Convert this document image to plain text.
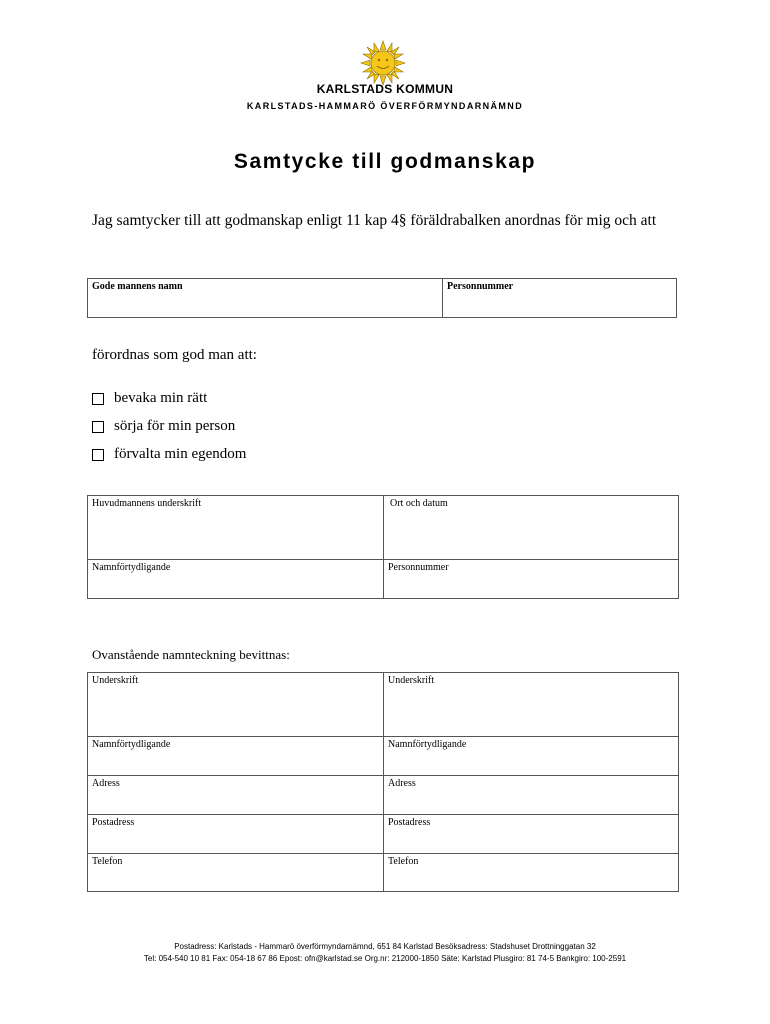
KARLSTADS KOMMUN
KARLSTADS-HAMMARÖ ÖVERFÖRMYNDARNÄMND
Samtycke till godmanskap
Jag samtycker till att godmanskap enligt 11 kap 4§ föräldrabalken anordnas för mig och att
Gode mannens namn	Personnummer
förordnas som god man att:
bevaka min rätt
sörja för min person
förvalta min egendom
Huvudmannens underskrift	Ort och datum
Namnförtydligande	Personnummer
Ovanstående namnteckning bevittnas:
Underskrift	Underskrift
Namnförtydligande	Namnförtydligande
Adress	Adress
Postadress	Postadress
Telefon	Telefon
Postadress: Karlstads - Hammarö överförmyndarnämnd, 651 84 Karlstad Besöksadress: Stadshuset Drottninggatan 32
Tel: 054-540 10 81 Fax: 054-18 67 86 Epost: ofn@karlstad.se Org.nr: 212000-1850 Säte: Karlstad Plusgiro: 81 74-5 Bankgiro: 100-2591
